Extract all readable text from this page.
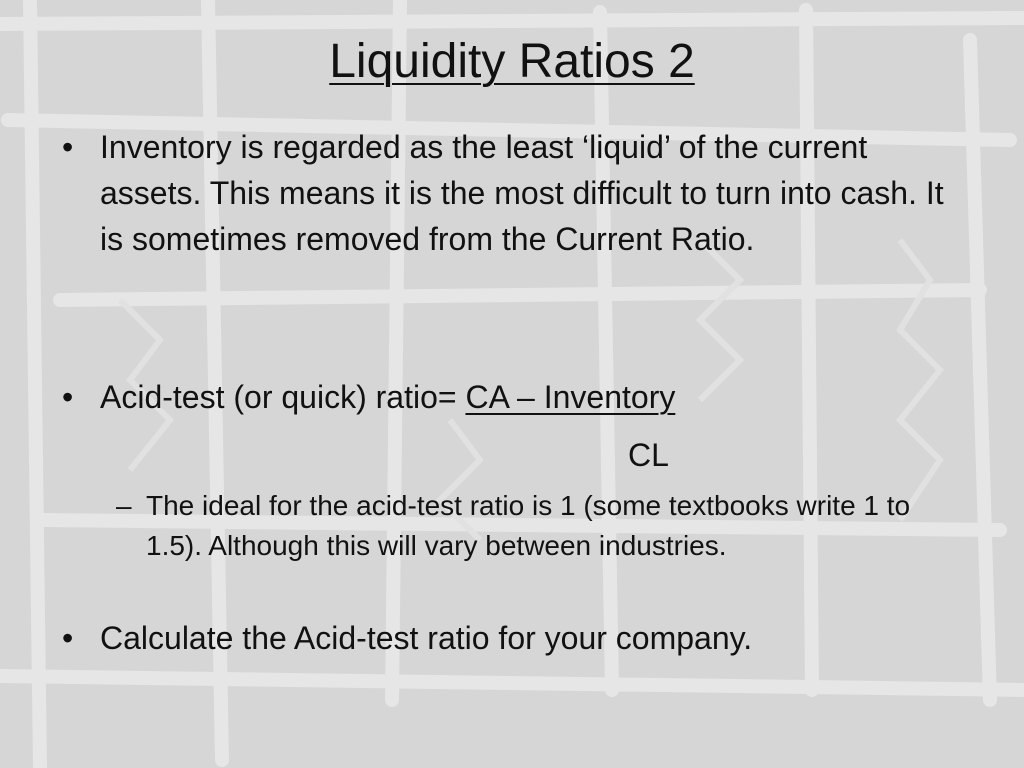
Liquidity Ratios 2
• Inventory is regarded as the least ‘liquid’ of the current assets. This means it is the most difficult to turn into cash. It is sometimes removed from the Current Ratio.
• Acid-test (or quick) ratio= CA – Inventory
CL
– The ideal for the acid-test ratio is 1 (some textbooks write 1 to 1.5). Although this will vary between industries.
• Calculate the Acid-test ratio for your company.
